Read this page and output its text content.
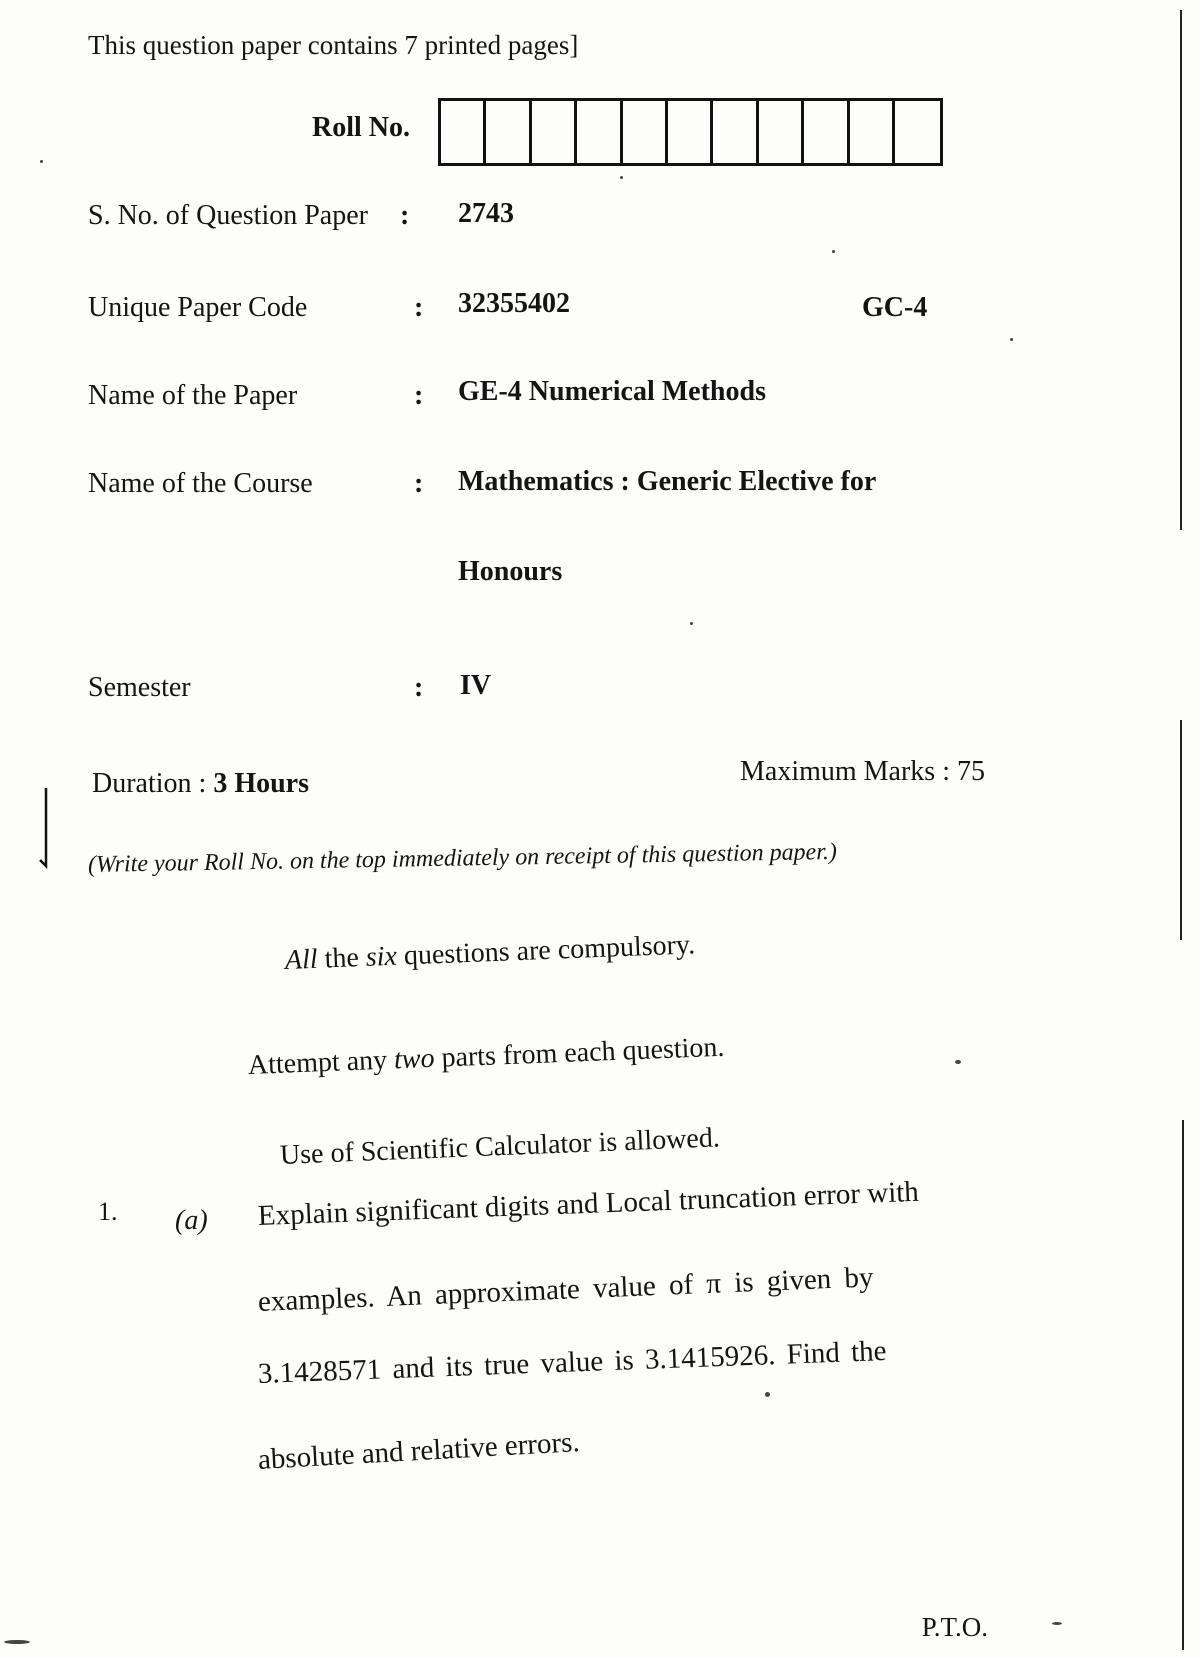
This question paper contains 7 printed pages]
Roll No.
S. No. of Question Paper : 2743
Unique Paper Code	: 32355402	GC-4
Name of the Paper	: GE-4 Numerical Methods
Name of the Course	: Mathematics : Generic Elective for
Honours
Semester	: IV
Duration : 3 Hours	Maximum Marks : 75
(Write your Roll No. on the top immediately on receipt of this question paper.)
All the six questions are compulsory.
Attempt any two parts from each question.
Use of Scientific Calculator is allowed.
1. (a) Explain significant digits and Local truncation error with
examples. An approximate value of π is given by
3.1428571 and its true value is 3.1415926. Find the
absolute and relative errors.
P.T.O.
